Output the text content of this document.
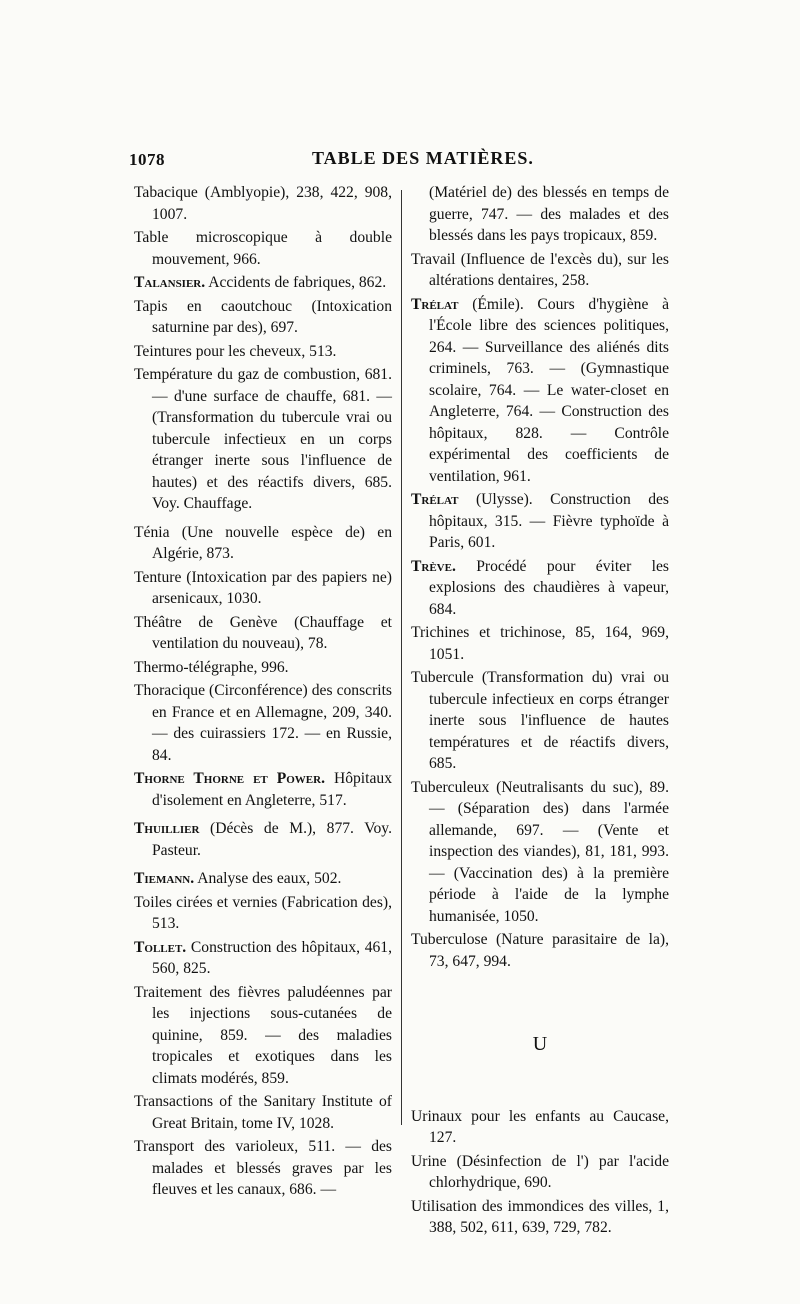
1078	TABLE DES MATIÈRES.

Tabacique (Amblyopie), 238, 422, 908, 1007.

Table microscopique à double mouvement, 966.

Talansier. Accidents de fabriques, 862.

Tapis en caoutchouc (Intoxication saturnine par des), 697.

Teintures pour les cheveux, 513.

Température du gaz de combustion, 681. — d'une surface de chauffe, 681. — (Transformation du tubercule vrai ou tubercule infectieux en un corps étranger inerte sous l'influence de hautes) et des réactifs divers, 685. Voy. Chauffage.

Ténia (Une nouvelle espèce de) en Algérie, 873.

Tenture (Intoxication par des papiers ne) arsenicaux, 1030.

Théâtre de Genève (Chauffage et ventilation du nouveau), 78.

Thermo-télégraphe, 996.

Thoracique (Circonférence) des conscrits en France et en Allemagne, 209, 340. — des cuirassiers 172. — en Russie, 84.

Thorne Thorne et Power. Hôpitaux d'isolement en Angleterre, 517.

Thuillier (Décès de M.), 877. Voy. Pasteur.

Tiemann. Analyse des eaux, 502.

Toiles cirées et vernies (Fabrication des), 513.

Tollet. Construction des hôpitaux, 461, 560, 825.

Traitement des fièvres paludéennes par les injections sous-cutanées de quinine, 859. — des maladies tropicales et exotiques dans les climats modérés, 859.

Transactions of the Sanitary Institute of Great Britain, tome IV, 1028.

Transport des varioleux, 511. — des malades et blessés graves par les fleuves et les canaux, 686. —

(Matériel de) des blessés en temps de guerre, 747. — des malades et des blessés dans les pays tropicaux, 859.

Travail (Influence de l'excès du), sur les altérations dentaires, 258.

Trélat (Émile). Cours d'hygiène à l'École libre des sciences politiques, 264. — Surveillance des aliénés dits criminels, 763. — (Gymnastique scolaire, 764. — Le water-closet en Angleterre, 764. — Construction des hôpitaux, 828. — Contrôle expérimental des coefficients de ventilation, 961.

Trélat (Ulysse). Construction des hôpitaux, 315. — Fièvre typhoïde à Paris, 601.

Trève. Procédé pour éviter les explosions des chaudières à vapeur, 684.

Trichines et trichinose, 85, 164, 969, 1051.

Tubercule (Transformation du) vrai ou tubercule infectieux en corps étranger inerte sous l'influence de hautes températures et de réactifs divers, 685.

Tuberculeux (Neutralisants du suc), 89. — (Séparation des) dans l'armée allemande, 697. — (Vente et inspection des viandes), 81, 181, 993. — (Vaccination des) à la première période à l'aide de la lymphe humanisée, 1050.

Tuberculose (Nature parasitaire de la), 73, 647, 994.

U

Urinaux pour les enfants au Caucase, 127.

Urine (Désinfection de l') par l'acide chlorhydrique, 690.

Utilisation des immondices des villes, 1, 388, 502, 611, 639, 729, 782.
